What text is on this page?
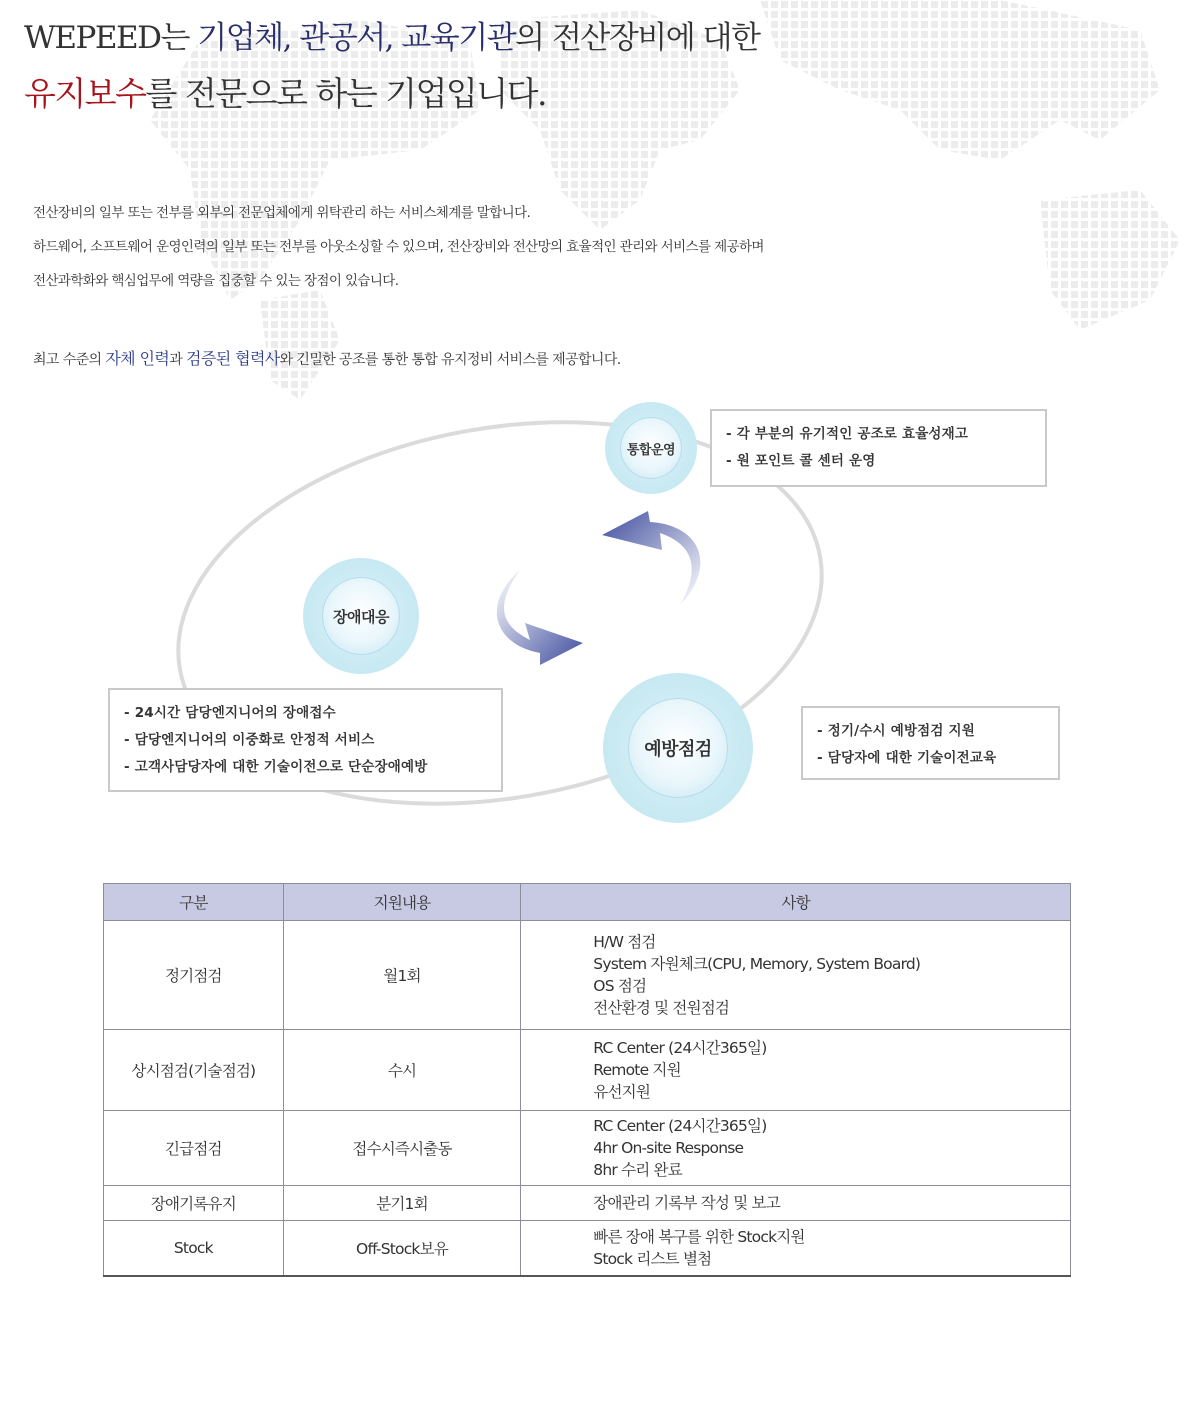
WEPEED는 기업체, 관공서, 교육기관의 전산장비에 대한
유지보수를 전문으로 하는 기업입니다.

전산장비의 일부 또는 전부를 외부의 전문업체에게 위탁관리 하는 서비스체계를 말합니다.

하드웨어, 소프트웨어 운영인력의 일부 또는 전부를 아웃소싱할 수 있으며, 전산장비와 전산망의 효율적인 관리와 서비스를 제공하며

전산과학화와 핵심업무에 역량을 집중할 수 있는 장점이 있습니다.

최고 수준의 자체 인력과 검증된 협력사와 긴밀한 공조를 통한 통합 유지정비 서비스를 제공합니다.
통합운영
장애대응
예방점검
- 각 부분의 유기적인 공조로 효율성재고
- 원 포인트 콜 센터 운영
- 24시간 담당엔지니어의 장애접수
- 담당엔지니어의 이중화로 안정적 서비스
- 고객사담당자에 대한 기술이전으로 단순장애예방
- 정기/수시 예방점검 지원
- 담당자에 대한 기술이전교육
구분	지원내용	사항
정기점검	월1회	H/W 점검
System 자원체크(CPU, Memory, System Board)
OS 점검
전산환경 및 전원점검

상시점검(기술점검)	수시	RC Center (24시간365일)
Remote 지원
유선지원

긴급점검	접수시즉시출동	RC Center (24시간365일)
4hr On-site Response
8hr 수리 완료

장애기록유지	분기1회	장애관리 기록부 작성 및 보고

Stock	Off-Stock보유	빠른 장애 복구를 위한 Stock지원
Stock 리스트 별첨
